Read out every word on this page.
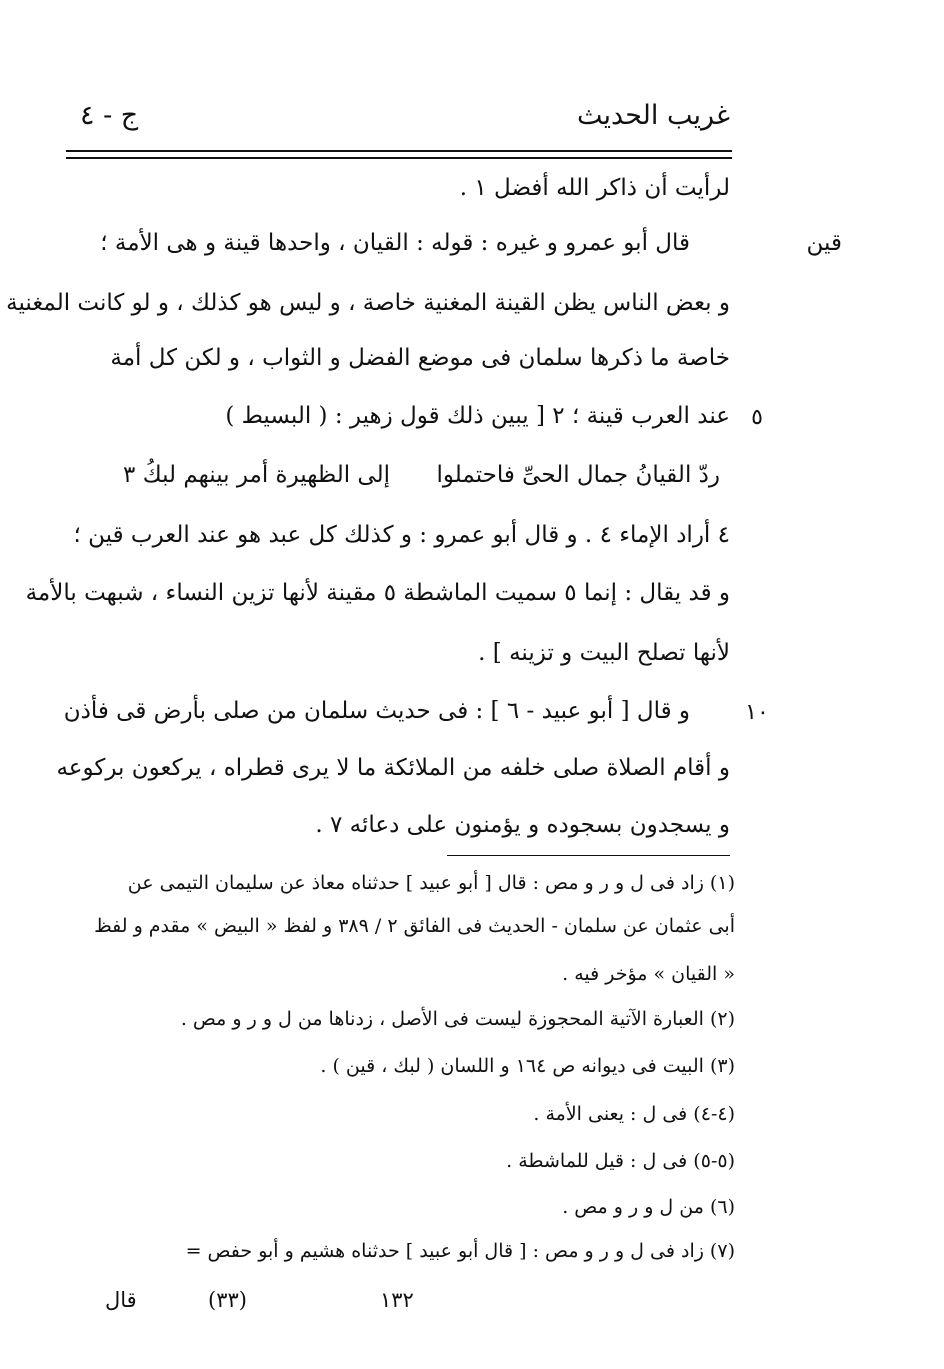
غريب الحديث
ج - ٤
قين
٥
١٠
لرأيت أن ذاكر الله أفضل ١ .
قال أبو عمرو و غيره : قوله : القيان ، واحدها قينة و هى الأمة ؛
و بعض الناس يظن القينة المغنية خاصة ، و ليس هو كذلك ، و لو كانت المغنية
خاصة ما ذكرها سلمان فى موضع الفضل و الثواب ، و لكن كل أمة
عند العرب قينة ؛ ٢ [ يبين ذلك قول زهير : ( البسيط )
٤ أراد الإماء ٤ . و قال أبو عمرو : و كذلك كل عبد هو عند العرب قين ؛
و قد يقال : إنما ٥ سميت الماشطة ٥ مقينة لأنها تزين النساء ، شبهت بالأمة
لأنها تصلح البيت و تزينه ] .
و قال [ أبو عبيد - ٦ ] : فى حديث سلمان من صلى بأرض قى فأذن
و أقام الصلاة صلى خلفه من الملائكة ما لا يرى قطراه ، يركعون بركوعه
و يسجدون بسجوده و يؤمنون على دعائه ٧ .
ردّ القيانُ جمال الحىِّ فاحتملوا
إلى الظهيرة أمر بينهم لبكُ ٣
(١) زاد فى ل و ر و مص : قال [ أبو عبيد ] حدثناه معاذ عن سليمان التيمى عن
أبى عثمان عن سلمان - الحديث فى الفائق ٢ / ٣٨٩ و لفظ « البيض » مقدم و لفظ
« القيان » مؤخر فيه .
(٢) العبارة الآتية المحجوزة ليست فى الأصل ، زدناها من ل و ر و مص .
(٣) البيت فى ديوانه ص ١٦٤ و اللسان ( لبك ، قين ) .
(٤-٤) فى ل : يعنى الأمة .
(٥-٥) فى ل : قيل للماشطة .
(٦) من ل و ر و مص .
(٧) زاد فى ل و ر و مص : [ قال أبو عبيد ] حدثناه هشيم و أبو حفص =
١٣٢
(٣٣)
قال
